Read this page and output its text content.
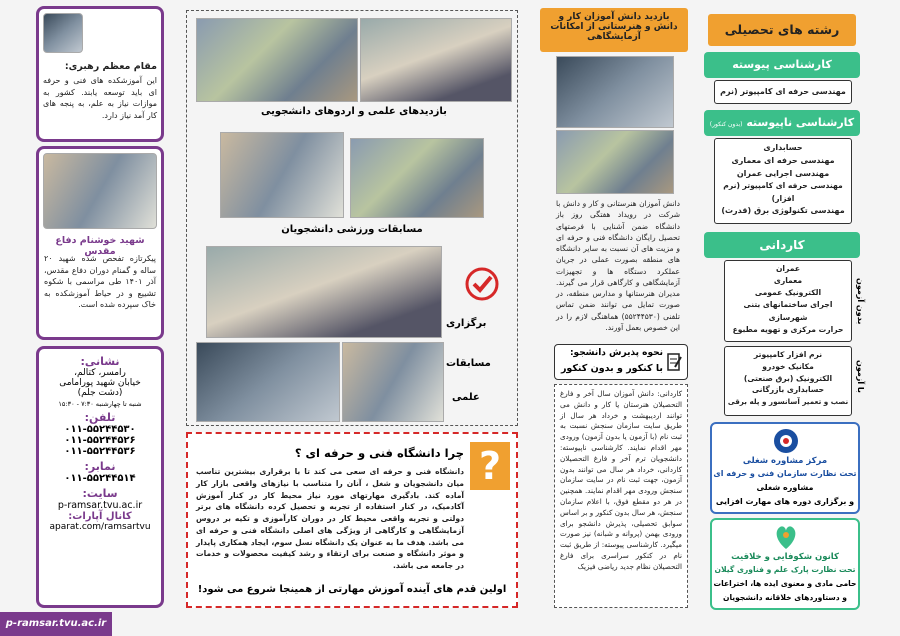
مقام معظم رهبری:
این آموزشکده های فنی و حرفه ای باید توسعه یابند. کشور به موازات نیاز به علم، به پنجه های کار آمد نیاز دارد.
شهید خوشنام دفاع مقدس
پیکرتازه تفحص شده شهید ۲۰ ساله و گمنام دوران دفاع مقدس، آذر ۱۴۰۱ طی مراسمی با شکوه تشییع و در حیاط آموزشکده به خاک سپرده شده است.
نشانی:
رامسر، کتالم،
خیابان شهید پورامامی
(دشت جلم)
شنبه تا چهارشنبه ۷:۳۰ - ۱۵:۳۰
تلفن:
۰۱۱-۵۵۲۴۴۵۳۰
۰۱۱-۵۵۲۴۴۵۲۶
۰۱۱-۵۵۲۴۴۵۳۶
نمابر:
۰۱۱-۵۵۲۴۴۵۱۴
سایت:
p-ramsar.tvu.ac.ir
کانال آپارات:
aparat.com/ramsartvu
p-ramsar.tvu.ac.ir
بازدیدهای علمی و اردوهای دانشجویی
مسابقات ورزشی دانشجویان
برگزاری
مسابقات
علمی
?
چرا دانشگاه فنی و حرفه ای ؟
دانشگاه فنی و حرفه ای سعی می کند تا با برقراری بیشترین تناسب میان دانشجویان و شغل ، آنان را متناسب با نیازهای واقعی بازار کار آماده کند. بادگیری مهارتهای مورد نیاز محیط کار در کنار آموزش آکادمیک، در کنار استفاده از تجربه و تحصیل کرده دانشگاه های برتر دولتی و تجربه واقعی محیط کار در دوران کارآموزی و تکیه بر دروس آزمایشگاهی و کارگاهی از ویژگی های اصلی دانشگاه فنی و حرفه ای می باشد. هدف ما به عنوان یک دانشگاه نسل سوم، ایجاد همکاری پایدار و موثر دانشگاه و صنعت برای ارتقاء و رشد کیفیت محصولات و خدمات در جامعه می باشد.
اولین قدم های آینده آموزش مهارتی از همینجا شروع می شود!
بازدید دانش آموزان کار و دانش و هنرستانی از امکانات آزمایشگاهی
دانش آموزان هنرستانی و کار و دانش با شرکت در رویداد هفتگی روز باز دانشگاه ضمن آشنایی با فرصتهای تحصیل رایگان دانشگاه فنی و حرفه ای و مزیت های آن نسبت به سایر دانشگاه های منطقه بصورت عملی در جریان عملکرد دستگاه ها و تجهیزات آزمایشگاهی و کارگاهی قرار می گیرند. مدیران هنرستانها و مدارس منطقه، در صورت تمایل می توانند ضمن تماس تلفنی (۵۵۲۴۴۵۳۰) هماهنگی لازم را در این خصوص بعمل آورند.
نحوه پذیرش دانشجو:
با کنکور و بدون کنکور
کاردانی: دانش آموزان سال آخر و فارغ التحصیلان هنرستان یا کار و دانش می توانند اردیبهشت و خرداد هر سال از طریق سایت سازمان سنجش نسبت به ثبت نام (با آزمون یا بدون آزمون) ورودی مهر اقدام نمایند. کارشناسی ناپیوسته: دانشجویان ترم آخر و فارغ التحصیلان کاردانی، خرداد هر سال می توانند بدون آزمون، جهت ثبت نام در سایت سازمان سنجش ورودی مهر اقدام نمایند. همچنین در هر دو مقطع فوق، با اعلام سازمان سنجش، هر سال بدون کنکور و بر اساس سوابق تحصیلی، پذیرش دانشجو برای ورودی بهمن (پروانه و شبانه) نیز صورت میگیرد. کارشناسی پیوسته: از طریق ثبت نام در کنکور سراسری برای فارغ التحصیلان نظام جدید ریاضی فیزیک
رشته های تحصیلی
کارشناسی پیوسته
مهندسی حرفه ای کامپیوتر (نرم
کارشناسی ناپیوسته (بدون کنکور)
حسابداری
مهندسی حرفه ای معماری
مهندسی اجرایی عمران
مهندسی حرفه ای کامپیوتر (نرم افزار)
مهندسی تکنولوژی برق (قدرت)
کاردانی
عمران
معماری
الکترونیک عمومی
اجرای ساختمانهای بتنی
شهرسازی
حرارت مرکزی و تهویه مطبوع
بدون آزمون
نرم افزار کامپیوتر
مکانیک خودرو
الکترونیک (برق صنعتی)
حسابداری بازرگانی
نصب و تعمیر آسانسور و پله برقی
با آزمون
مرکز مشاوره شغلی
تحت نظارت سازمان فنی و حرفه ای
مشاوره شغلی
و برگزاری دوره های مهارت افزایی
کانون شکوفایی و خلاقیت
تحت نظارت پارک علم و فناوری گیلان
حامی مادی و معنوی ایده ها، اختراعات
و دستاوردهای خلاقانه دانشجویان
